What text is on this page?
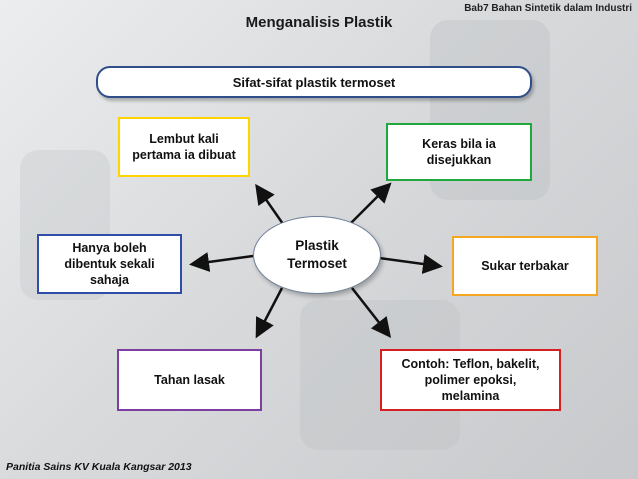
Bab7 Bahan Sintetik dalam Industri
Menganalisis Plastik
Sifat-sifat plastik termoset
Plastik
Termoset
Lembut kali
pertama ia dibuat
Keras bila ia
disejukkan
Hanya boleh
dibentuk sekali
sahaja
Sukar terbakar
Tahan lasak
Contoh: Teflon, bakelit,
polimer epoksi,
melamina
Panitia Sains KV Kuala Kangsar 2013
